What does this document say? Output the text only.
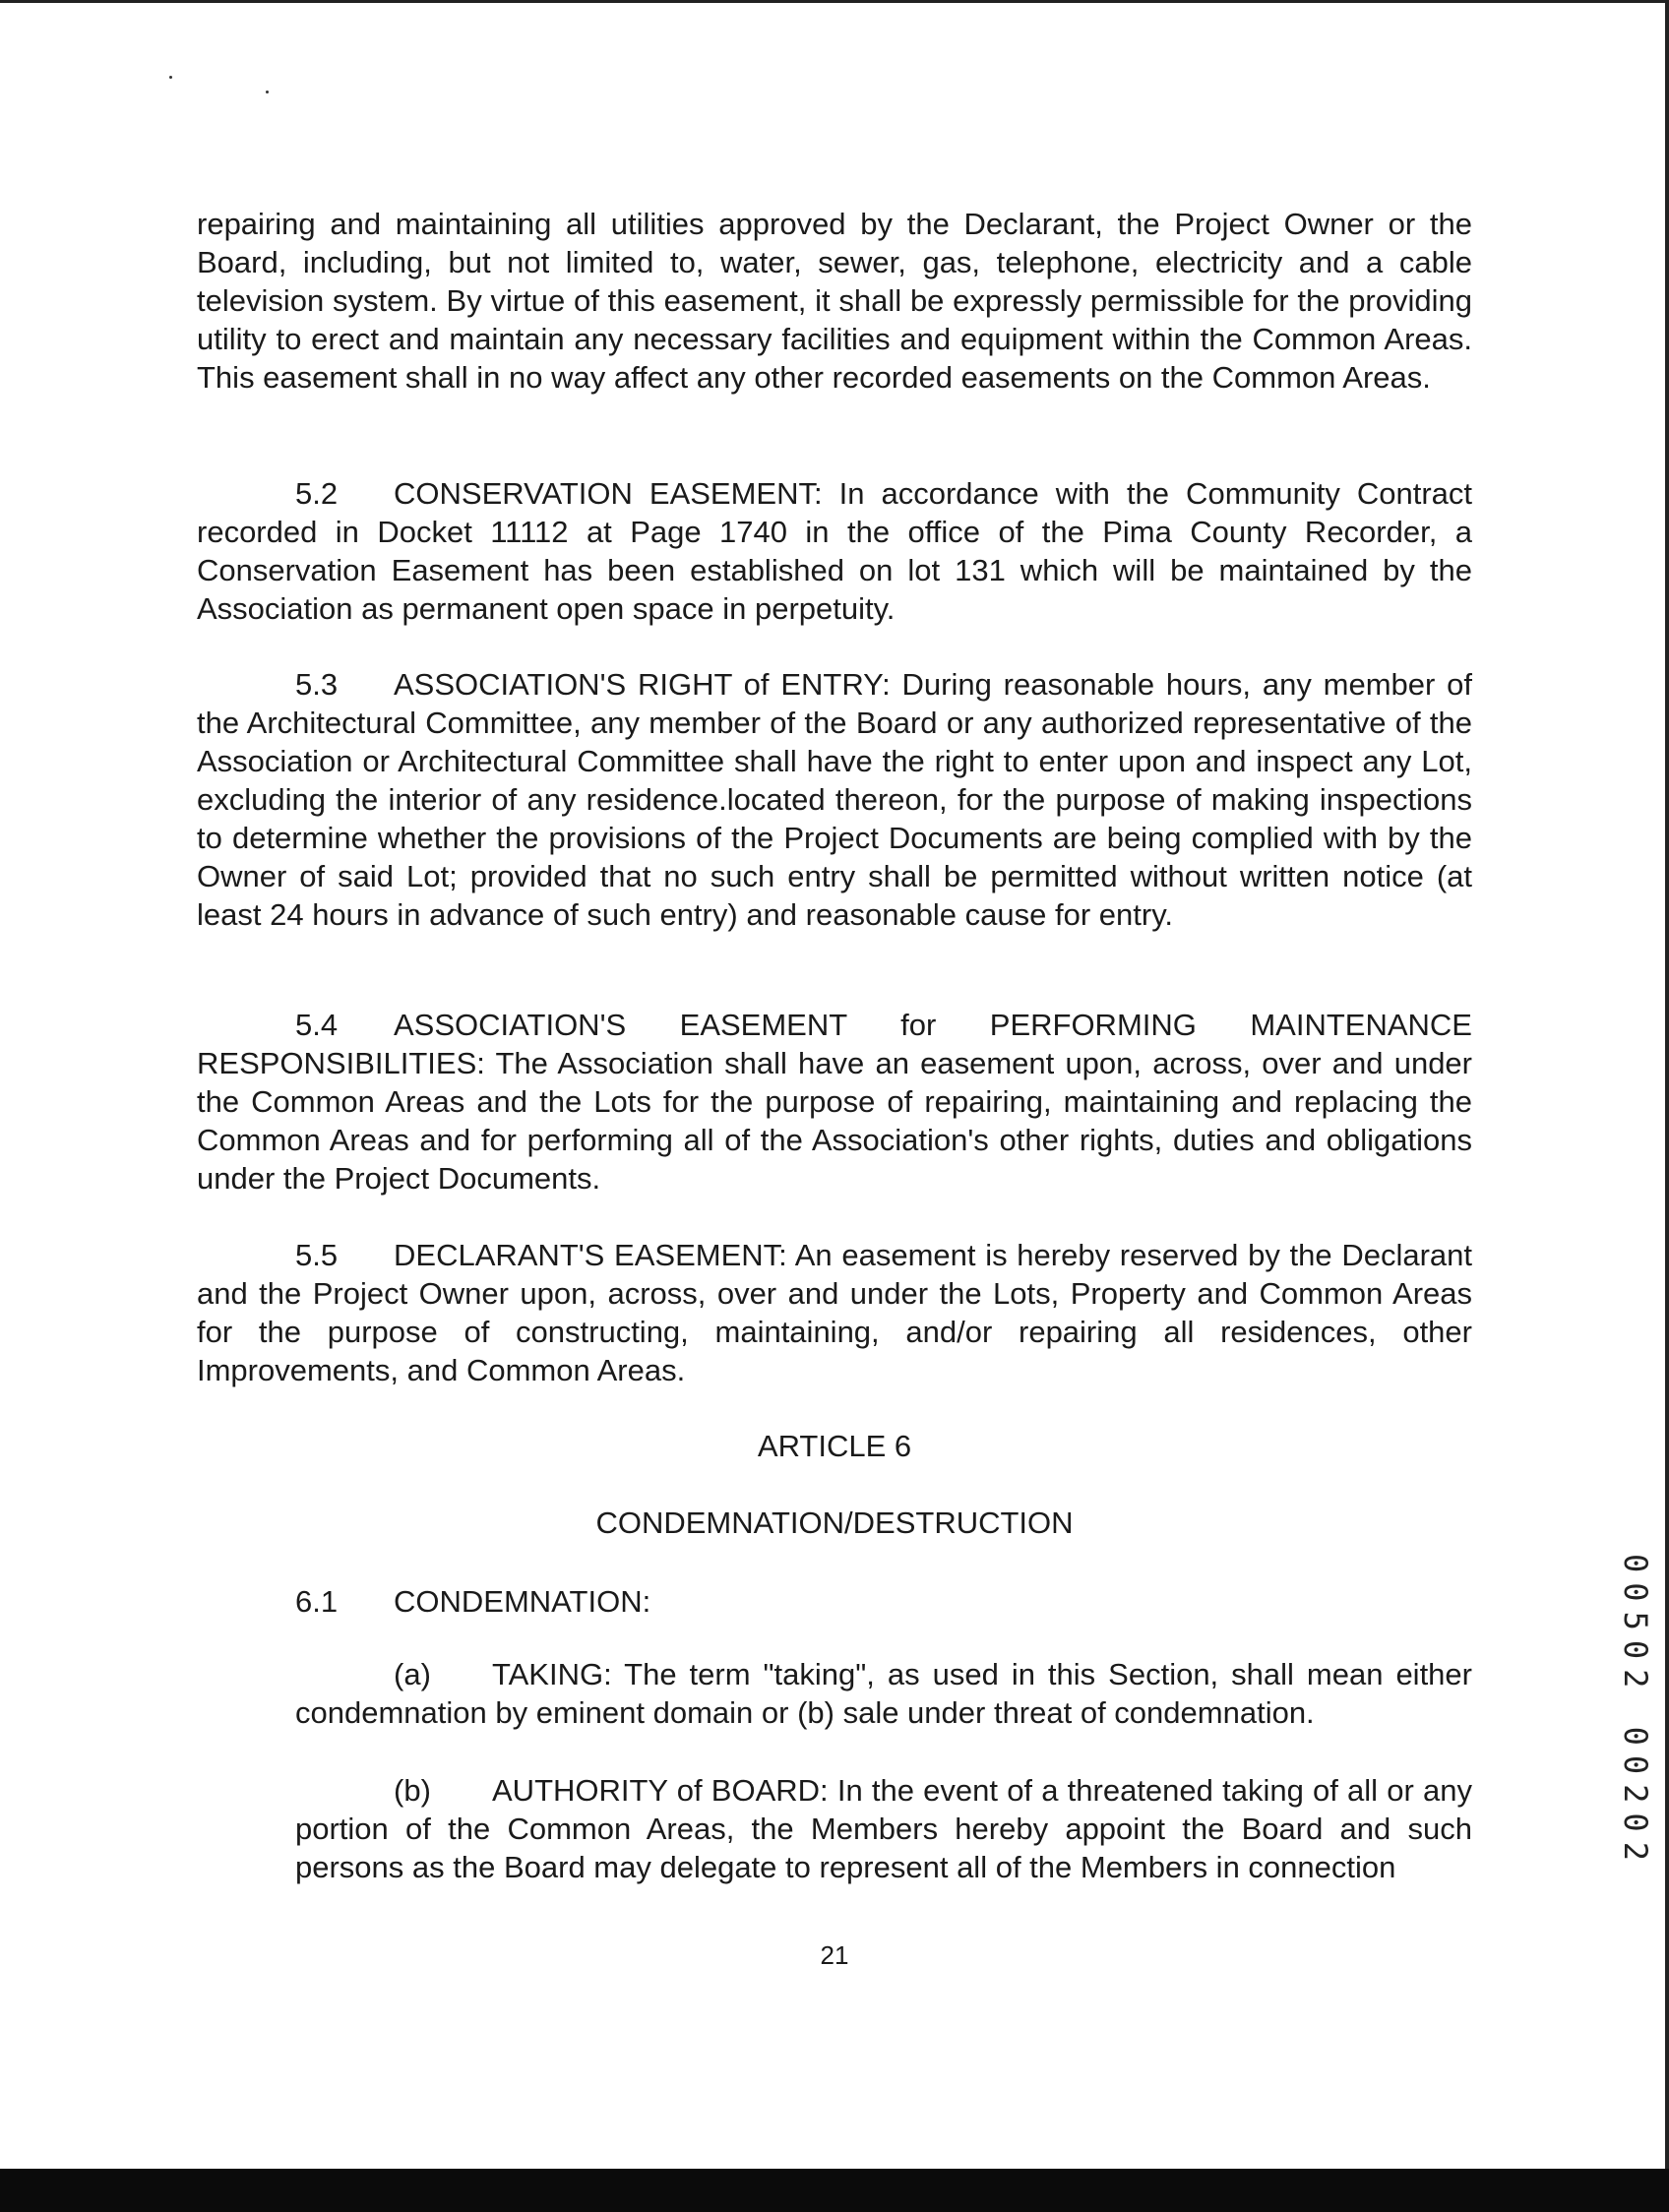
repairing and maintaining all utilities approved by the Declarant, the Project Owner or the Board, including, but not limited to, water, sewer, gas, telephone, electricity and a cable television system. By virtue of this easement, it shall be expressly permissible for the providing utility to erect and maintain any necessary facilities and equipment within the Common Areas. This easement shall in no way affect any other recorded easements on the Common Areas.

5.2 CONSERVATION EASEMENT: In accordance with the Community Contract recorded in Docket 11112 at Page 1740 in the office of the Pima County Recorder, a Conservation Easement has been established on lot 131 which will be maintained by the Association as permanent open space in perpetuity.

5.3 ASSOCIATION'S RIGHT of ENTRY: During reasonable hours, any member of the Architectural Committee, any member of the Board or any authorized representative of the Association or Architectural Committee shall have the right to enter upon and inspect any Lot, excluding the interior of any residence.located thereon, for the purpose of making inspections to determine whether the provisions of the Project Documents are being complied with by the Owner of said Lot; provided that no such entry shall be permitted without written notice (at least 24 hours in advance of such entry) and reasonable cause for entry.

5.4 ASSOCIATION'S EASEMENT for PERFORMING MAINTENANCE RESPONSIBILITIES: The Association shall have an easement upon, across, over and under the Common Areas and the Lots for the purpose of repairing, maintaining and replacing the Common Areas and for performing all of the Association's other rights, duties and obligations under the Project Documents.

5.5 DECLARANT'S EASEMENT: An easement is hereby reserved by the Declarant and the Project Owner upon, across, over and under the Lots, Property and Common Areas for the purpose of constructing, maintaining, and/or repairing all residences, other Improvements, and Common Areas.

ARTICLE 6

CONDEMNATION/DESTRUCTION

6.1 CONDEMNATION:

(a) TAKING: The term "taking", as used in this Section, shall mean either condemnation by eminent domain or (b) sale under threat of condemnation.

(b) AUTHORITY of BOARD: In the event of a threatened taking of all or any portion of the Common Areas, the Members hereby appoint the Board and such persons as the Board may delegate to represent all of the Members in connection

21
00502 00202
